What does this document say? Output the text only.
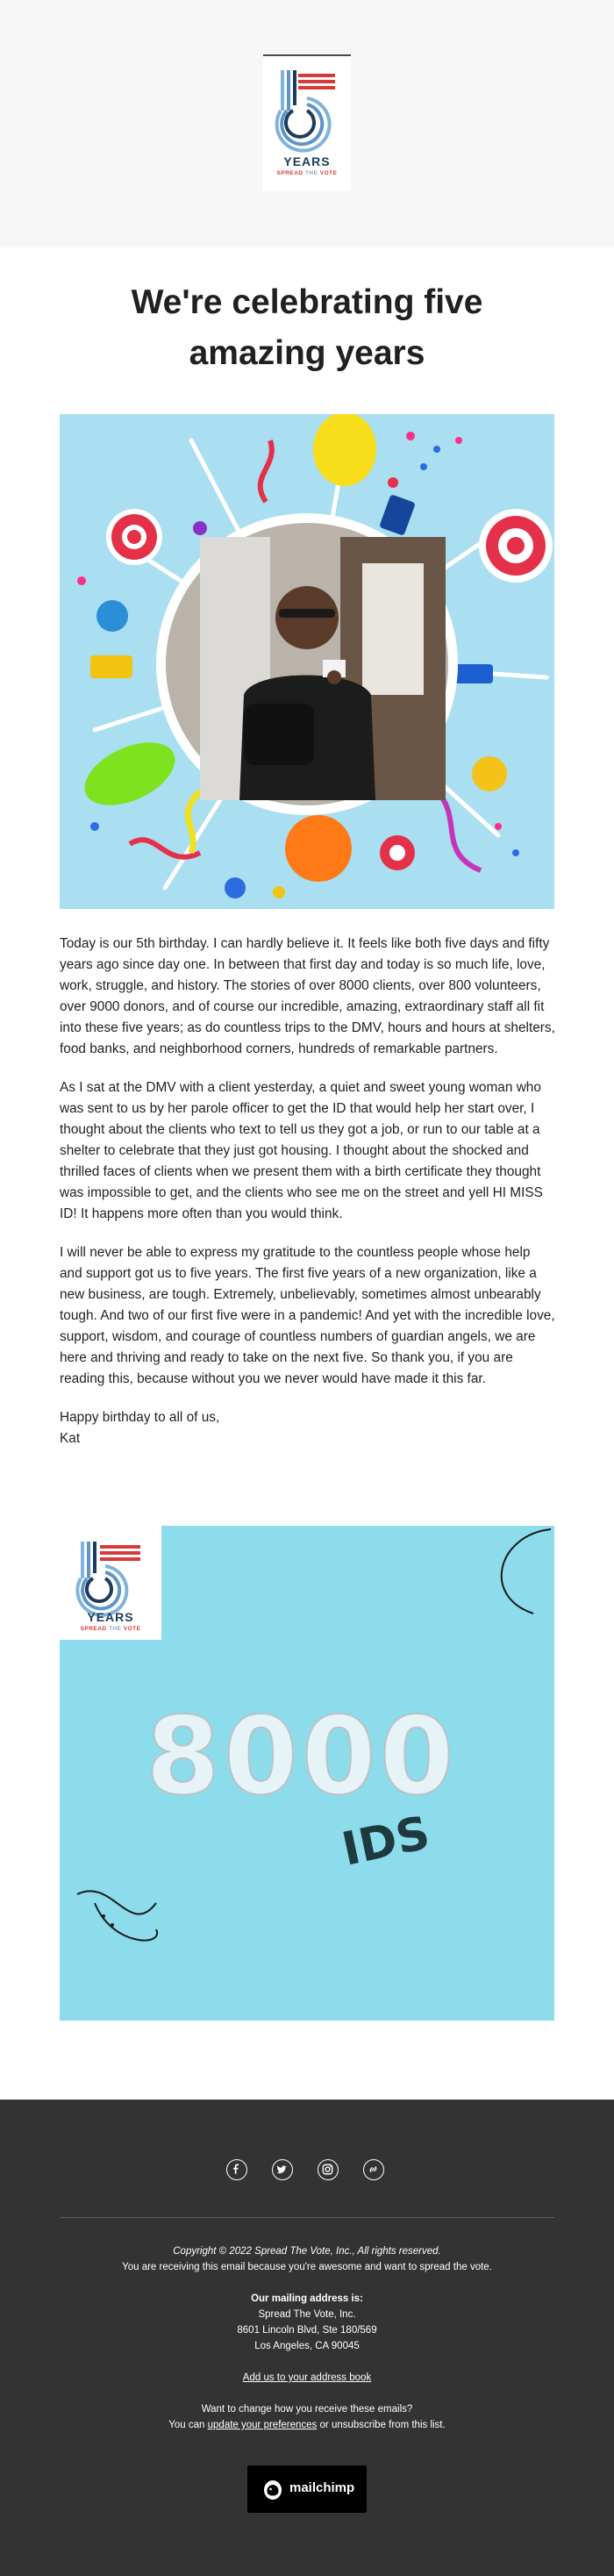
YEARS
SPREAD THE VOTE
We're celebrating five
amazing years

Today is our 5th birthday. I can hardly believe it. It feels like both five days and fifty years ago since day one. In between that first day and today is so much life, love, work, struggle, and history. The stories of over 8000 clients, over 800 volunteers, over 9000 donors, and of course our incredible, amazing, extraordinary staff all fit into these five years; as do countless trips to the DMV, hours and hours at shelters, food banks, and neighborhood corners, hundreds of remarkable partners.

As I sat at the DMV with a client yesterday, a quiet and sweet young woman who was sent to us by her parole officer to get the ID that would help her start over, I thought about the clients who text to tell us they got a job, or run to our table at a shelter to celebrate that they just got housing. I thought about the shocked and thrilled faces of clients when we present them with a birth certificate they thought was impossible to get, and the clients who see me on the street and yell HI MISS ID! It happens more often than you would think.

I will never be able to express my gratitude to the countless people whose help and support got us to five years. The first five years of a new organization, like a new business, are tough. Extremely, unbelievably, sometimes almost unbearably tough. And two of our first five were in a pandemic! And yet with the incredible love, support, wisdom, and courage of countless numbers of guardian angels, we are here and thriving and ready to take on the next five. So thank you, if you are reading this, because without you we never would have made it this far.

Happy birthday to all of us,

Kat

YEARS
SPREAD THE VOTE
8000
IDS
Copyright © 2022 Spread The Vote, Inc., All rights reserved.
You are receiving this email because you're awesome and want to spread the vote.
Our mailing address is:
Spread The Vote, Inc.
8601 Lincoln Blvd, Ste 180/569
Los Angeles, CA 90045
Add us to your address book
Want to change how you receive these emails?
You can update your preferences or unsubscribe from this list.
mailchimp
